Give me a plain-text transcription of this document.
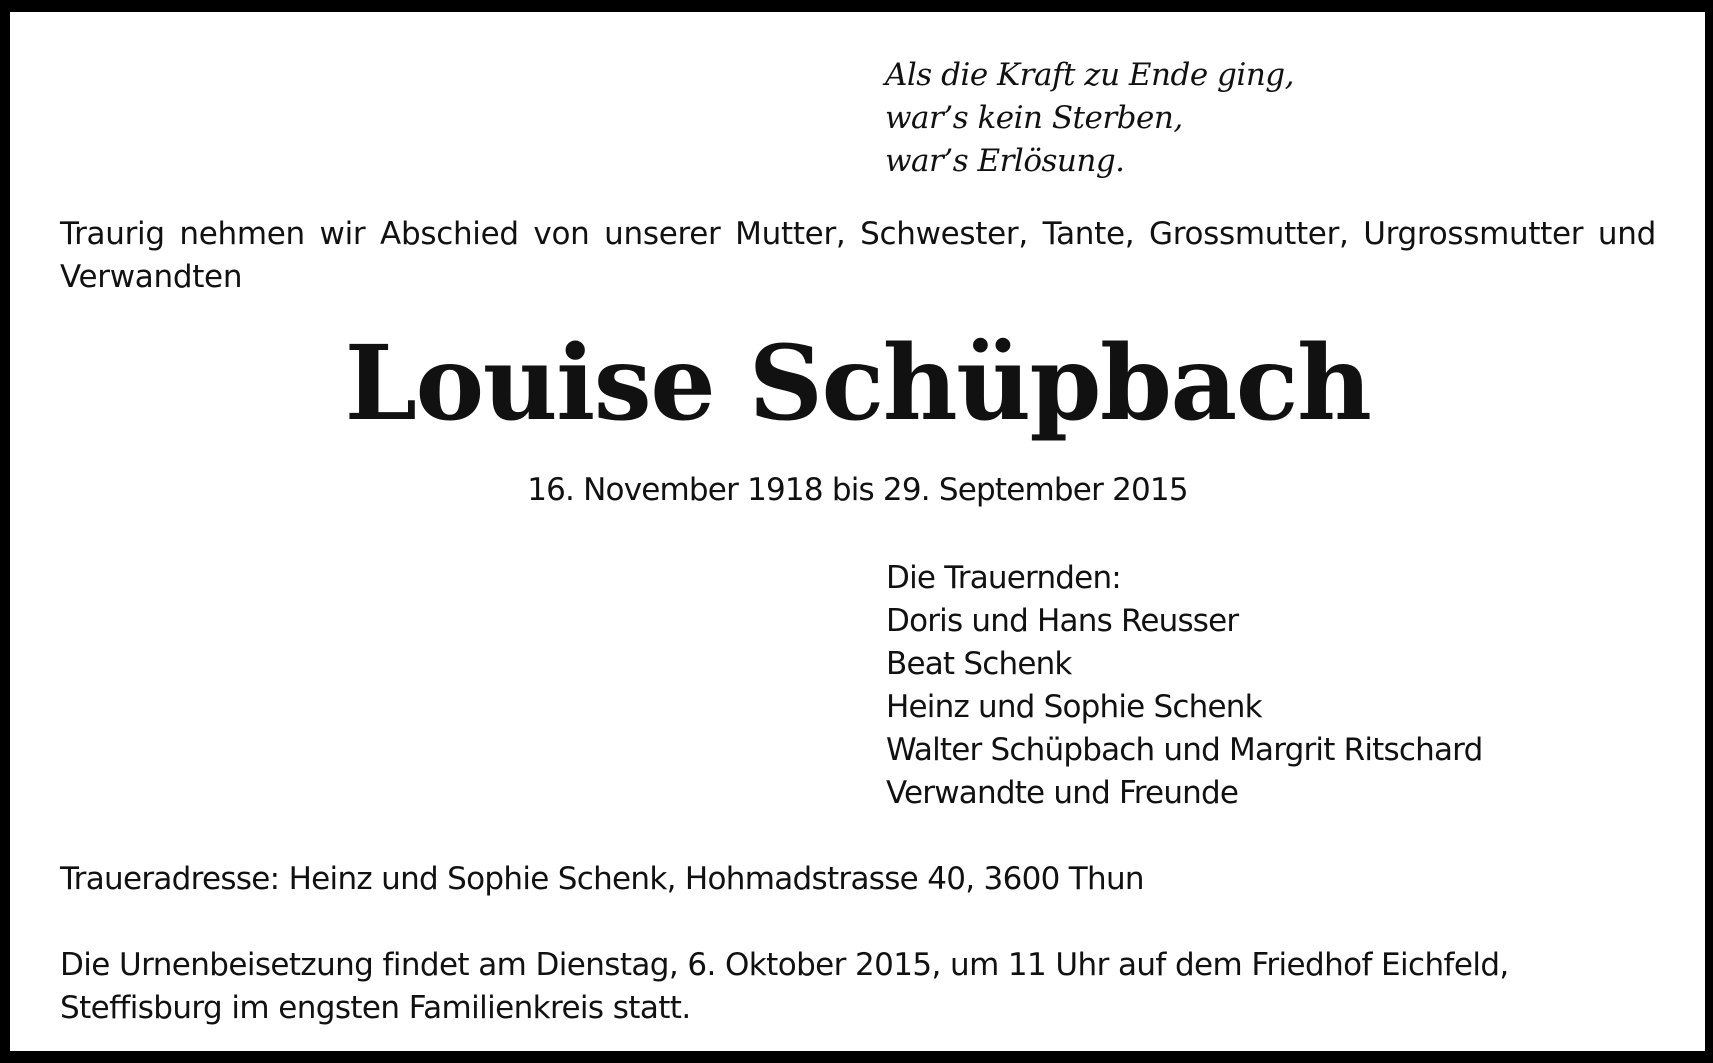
Als die Kraft zu Ende ging,
war’s kein Sterben,
war’s Erlösung.

Traurig nehmen wir Abschied von unserer Mutter, Schwester, Tante, Grossmutter, Urgrossmutter und Verwandten

Louise Schüpbach
16. November 1918 bis 29. September 2015
Die Trauernden:
Doris und Hans Reusser
Beat Schenk
Heinz und Sophie Schenk
Walter Schüpbach und Margrit Ritschard
Verwandte und Freunde
Traueradresse: Heinz und Sophie Schenk, Hohmadstrasse 40, 3600 Thun

Die Urnenbeisetzung findet am Dienstag, 6. Oktober 2015, um 11 Uhr auf dem Friedhof Eichfeld, Steffisburg im engsten Familienkreis statt.
